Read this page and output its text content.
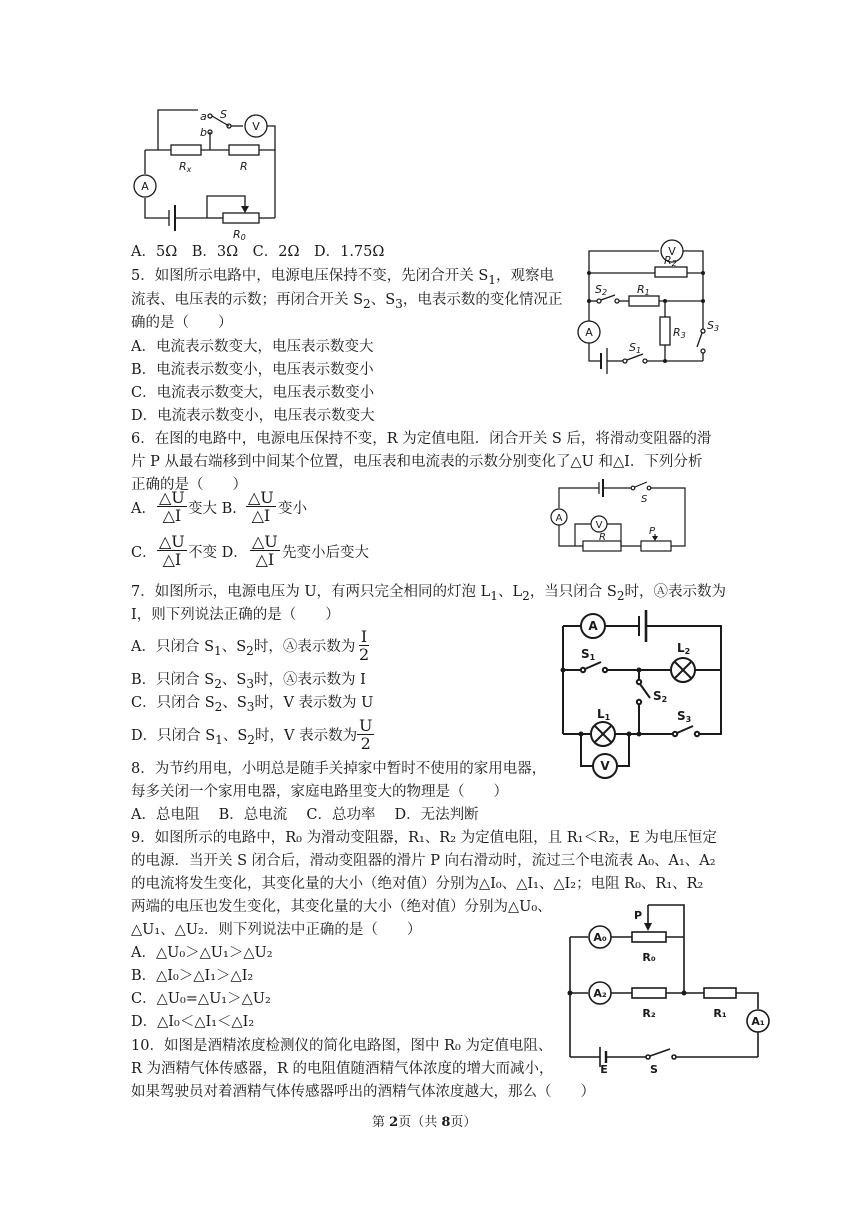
a
b
S
Rx	R
R0
V
A
A．5Ω　B．3Ω　C．2Ω　D．1.75Ω
5．如图所示电路中，电源电压保持不变，先闭合开关 $S_1$，观察电
流表、电压表的示数；再闭合开关 $S_2$、$S_3$，电表示数的变化情况正
确的是（　　）
A．电流表示数变大，电压表示数变大
B．电流表示数变小，电压表示数变小
C．电流表示数变大，电压表示数变小
D．电流表示数变小，电压表示数变大
R2
R1
S2
R3
S3
S1
V
A
6．在图的电路中，电源电压保持不变，R 为定值电阻．闭合开关 S 后，将滑动变阻器的滑
片 P 从最右端移到中间某个位置，电压表和电流表的示数分别变化了△U 和△I．下列分析
正确的是（　　）
A． $\frac{\triangle U}{\triangle I}$ 变大 B． $\frac{\triangle U}{\triangle I}$ 变小
C． $\frac{\triangle U}{\triangle I}$ 不变 D． $\frac{\triangle U}{\triangle I}$ 先变小后变大
A
V
S
R
P
7．如图所示，电源电压为 U，有两只完全相同的灯泡 $L_1$、$L_2$，当只闭合 $S_2$时，Ⓐ表示数为
I，则下列说法正确的是（　　）
A．只闭合 $S_1$、$S_2$时，Ⓐ表示数为 $\frac{I}{2}$
B．只闭合 $S_2$、$S_3$时，Ⓐ表示数为 I
C．只闭合 $S_2$、$S_3$时，V 表示数为 U
D．只闭合 $S_1$、$S_2$时，V 表示数为 $\frac{U}{2}$
S1
L2
S2
L1	S3
A
V
8．为节约用电，小明总是随手关掉家中暂时不使用的家用电器，
每多关闭一个家用电器，家庭电路里变大的物理是（　　）
A．总电阻　 B．总电流　 C．总功率　 D．无法判断
9．如图所示的电路中，R₀ 为滑动变阻器，R₁、R₂ 为定值电阻，且 R₁＜R₂，E 为电压恒定
的电源．当开关 S 闭合后，滑动变阻器的滑片 P 向右滑动时，流过三个电流表 A₀、A₁、A₂
的电流将发生变化，其变化量的大小（绝对值）分别为△I₀、△I₁、△I₂；电阻 R₀、R₁、R₂
两端的电压也发生变化，其变化量的大小（绝对值）分别为△U₀、
△U₁、△U₂．则下列说法中正确的是（　　）
A．△U₀＞△U₁＞△U₂
B．△I₀＞△I₁＞△I₂
C．△U₀=△U₁＞△U₂
D．△I₀＜△I₁＜△I₂
A₀
A₂
A₁
P
R₀
R₂	R₁
E	S
10．如图是酒精浓度检测仪的简化电路图，图中 R₀ 为定值电阻、
R 为酒精气体传感器，R 的电阻值随酒精气体浓度的增大而减小，
如果驾驶员对着酒精气体传感器呼出的酒精气体浓度越大，那么（　　）
第 2页（共 8页）
